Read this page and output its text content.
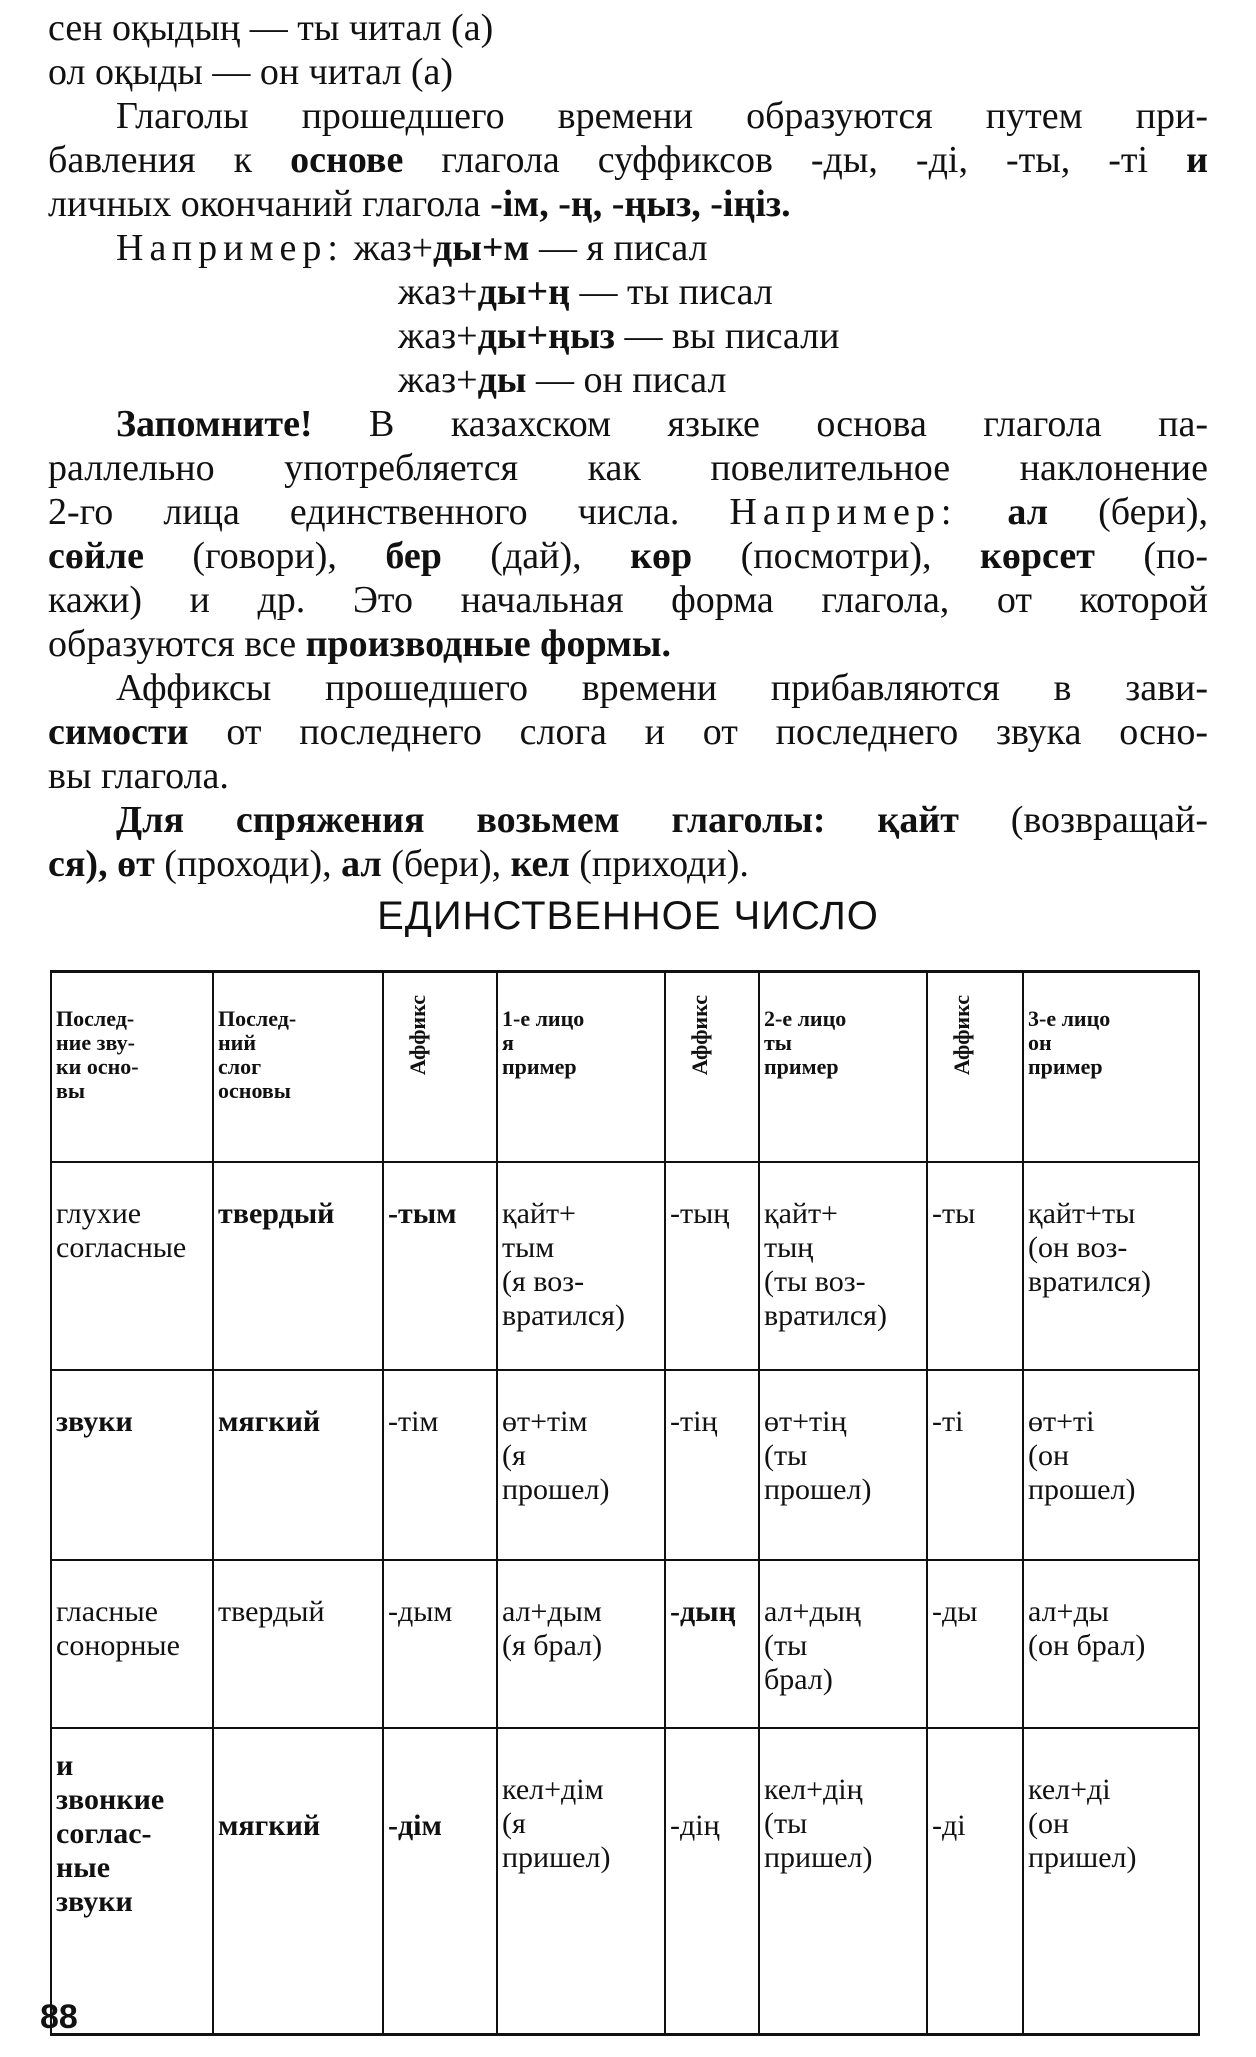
сен оқыдың — ты читал (а)
ол оқыды — он читал (а)
Глаголы прошедшего времени образуются путем при-
бавления к основе глагола суффиксов -ды, -ді, -ты, -ті и
личных окончаний глагола -ім, -ң, -ңыз, -іңіз.
Например: жаз+ды+м — я писал
жаз+ды+ң — ты писал
жаз+ды+ңыз — вы писали
жаз+ды — он писал
Запомните! В казахском языке основа глагола па-
раллельно употребляется как повелительное наклонение
2-го лица единственного числа. Например: ал (бери),
сөйле (говори), бер (дай), көр (посмотри), көрсет (по-
кажи) и др. Это начальная форма глагола, от которой
образуются все производные формы.
Аффиксы прошедшего времени прибавляются в зави-
симости от последнего слога и от последнего звука осно-
вы глагола.
Для спряжения возьмем глаголы: қайт (возвращай-
ся), өт (проходи), ал (бери), кел (приходи).
ЕДИНСТВЕННОЕ ЧИСЛО
Послед-
ние зву-
ки осно-
вы	Послед-
ний
слог
основы	Аффикс	1-е лицо
я
пример	Аффикс	2-е лицо
ты
пример	Аффикс	3-е лицо
он
пример
глухие
согласные	твердый	-тым	қайт+
тым
(я воз-
вратился)	-тың	қайт+
тың
(ты воз-
вратился)	-ты	қайт+ты
(он воз-
вратился)
звуки	мягкий	-тім	өт+тім
(я
прошел)	-тің	өт+тің
(ты
прошел)	-ті	өт+ті
(он
прошел)
гласные
сонорные	твердый	-дым	ал+дым
(я брал)	-дың	ал+дың
(ты
брал)	-ды	ал+ды
(он брал)
и
звонкие
соглас-
ные
звуки	мягкий	-дім	кел+дім
(я
пришел)	-дің	кел+дің
(ты
пришел)	-ді	кел+ді
(он
пришел)
88
